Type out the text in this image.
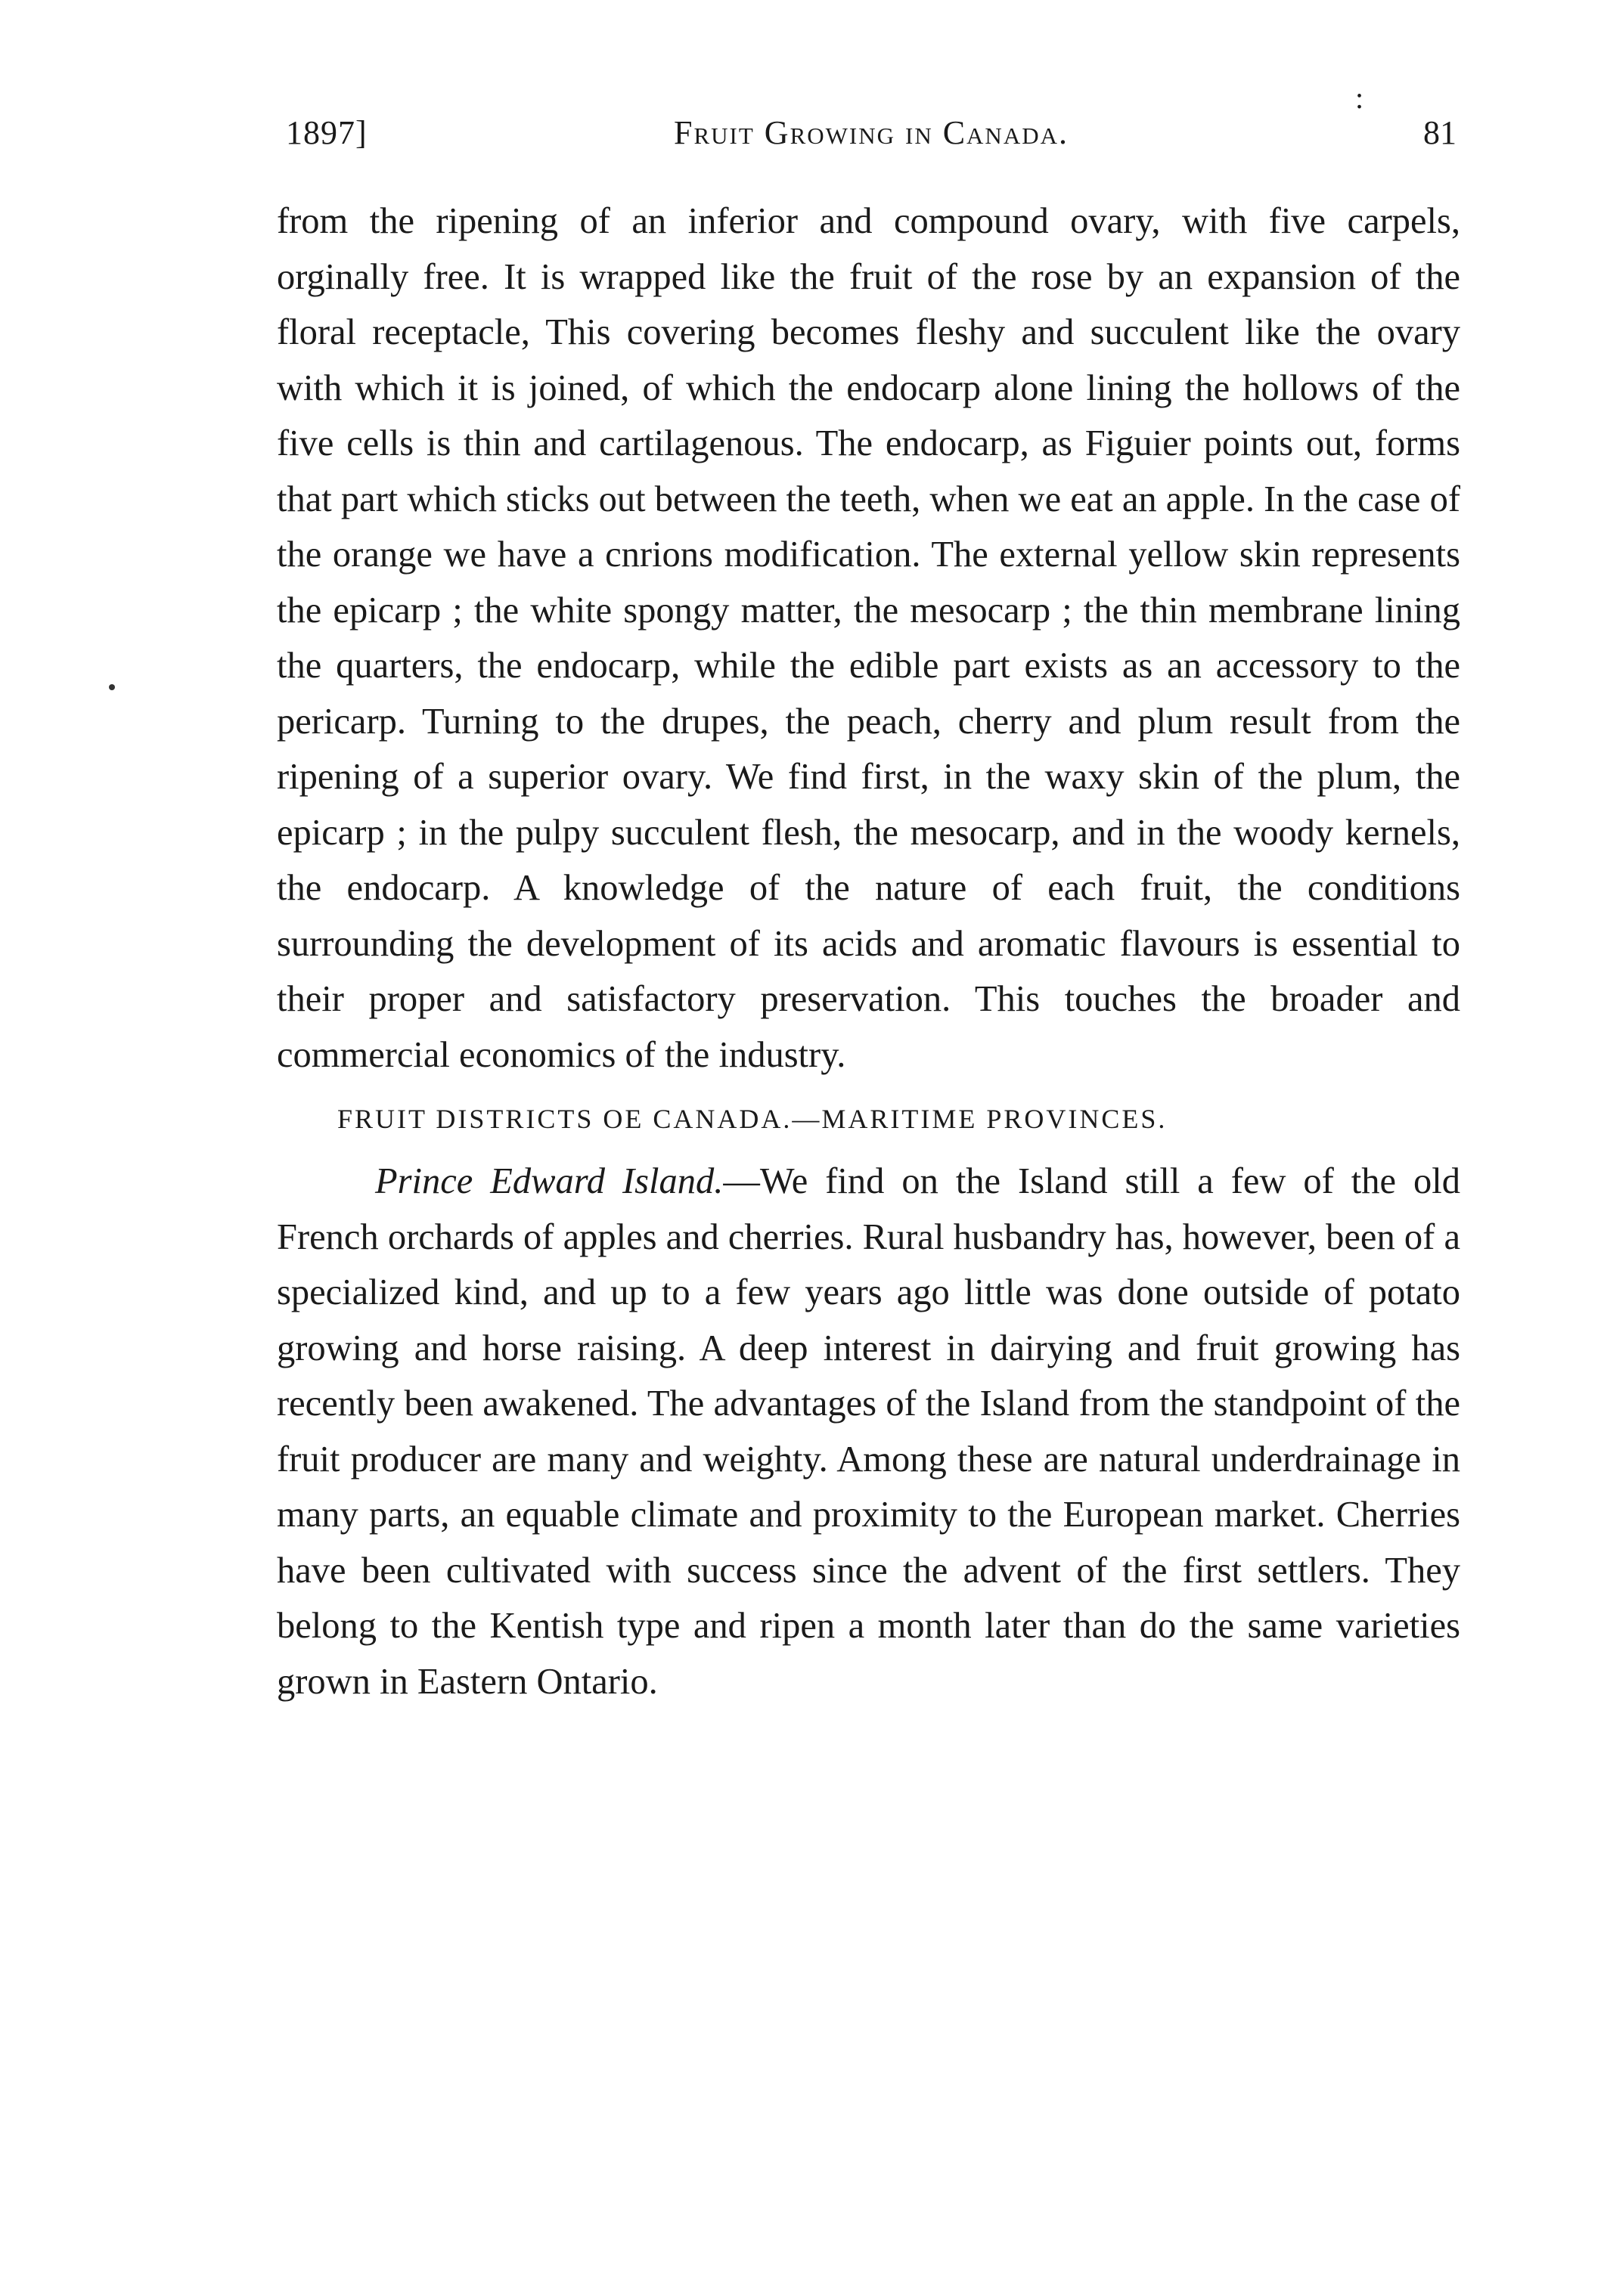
1897]	Fruit Growing in Canada.	81
:

from the ripening of an inferior and compound ovary, with five carpels, orginally free. It is wrapped like the fruit of the rose by an expansion of the floral receptacle, This covering becomes fleshy and succulent like the ovary with which it is joined, of which the endocarp alone lining the hollows of the five cells is thin and cartilagenous. The endocarp, as Figuier points out, forms that part which sticks out between the teeth, when we eat an apple. In the case of the orange we have a cnrions modification. The external yellow skin represents the epicarp ; the white spongy matter, the mesocarp ; the thin membrane lining the quarters, the endocarp, while the edible part exists as an accessory to the pericarp. Turning to the drupes, the peach, cherry and plum result from the ripening of a superior ovary. We find first, in the waxy skin of the plum, the epicarp ; in the pulpy succulent flesh, the mesocarp, and in the woody kernels, the endocarp. A knowledge of the nature of each fruit, the conditions surrounding the development of its acids and aromatic flavours is essential to their proper and satisfactory preservation. This touches the broader and commercial economics of the industry.

FRUIT DISTRICTS OE CANADA.—MARITIME PROVINCES.

Prince Edward Island.—We find on the Island still a few of the old French orchards of apples and cherries. Rural husbandry has, however, been of a specialized kind, and up to a few years ago little was done outside of potato growing and horse raising. A deep interest in dairying and fruit growing has recently been awakened. The advantages of the Island from the standpoint of the fruit producer are many and weighty. Among these are natural underdrainage in many parts, an equable climate and proximity to the European market. Cherries have been cultivated with success since the advent of the first settlers. They belong to the Kentish type and ripen a month later than do the same varieties grown in Eastern Ontario.
